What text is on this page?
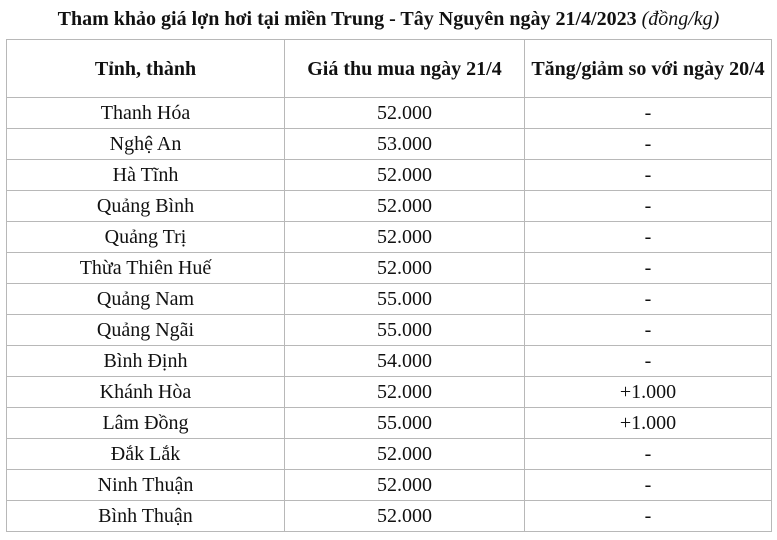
Tham khảo giá lợn hơi tại miền Trung - Tây Nguyên ngày 21/4/2023 (đồng/kg)
Tỉnh, thành	Giá thu mua ngày 21/4	Tăng/giảm so với ngày 20/4
Thanh Hóa	52.000	-
Nghệ An	53.000	-
Hà Tĩnh	52.000	-
Quảng Bình	52.000	-
Quảng Trị	52.000	-
Thừa Thiên Huế	52.000	-
Quảng Nam	55.000	-
Quảng Ngãi	55.000	-
Bình Định	54.000	-
Khánh Hòa	52.000	+1.000
Lâm Đồng	55.000	+1.000
Đắk Lắk	52.000	-
Ninh Thuận	52.000	-
Bình Thuận	52.000	-
